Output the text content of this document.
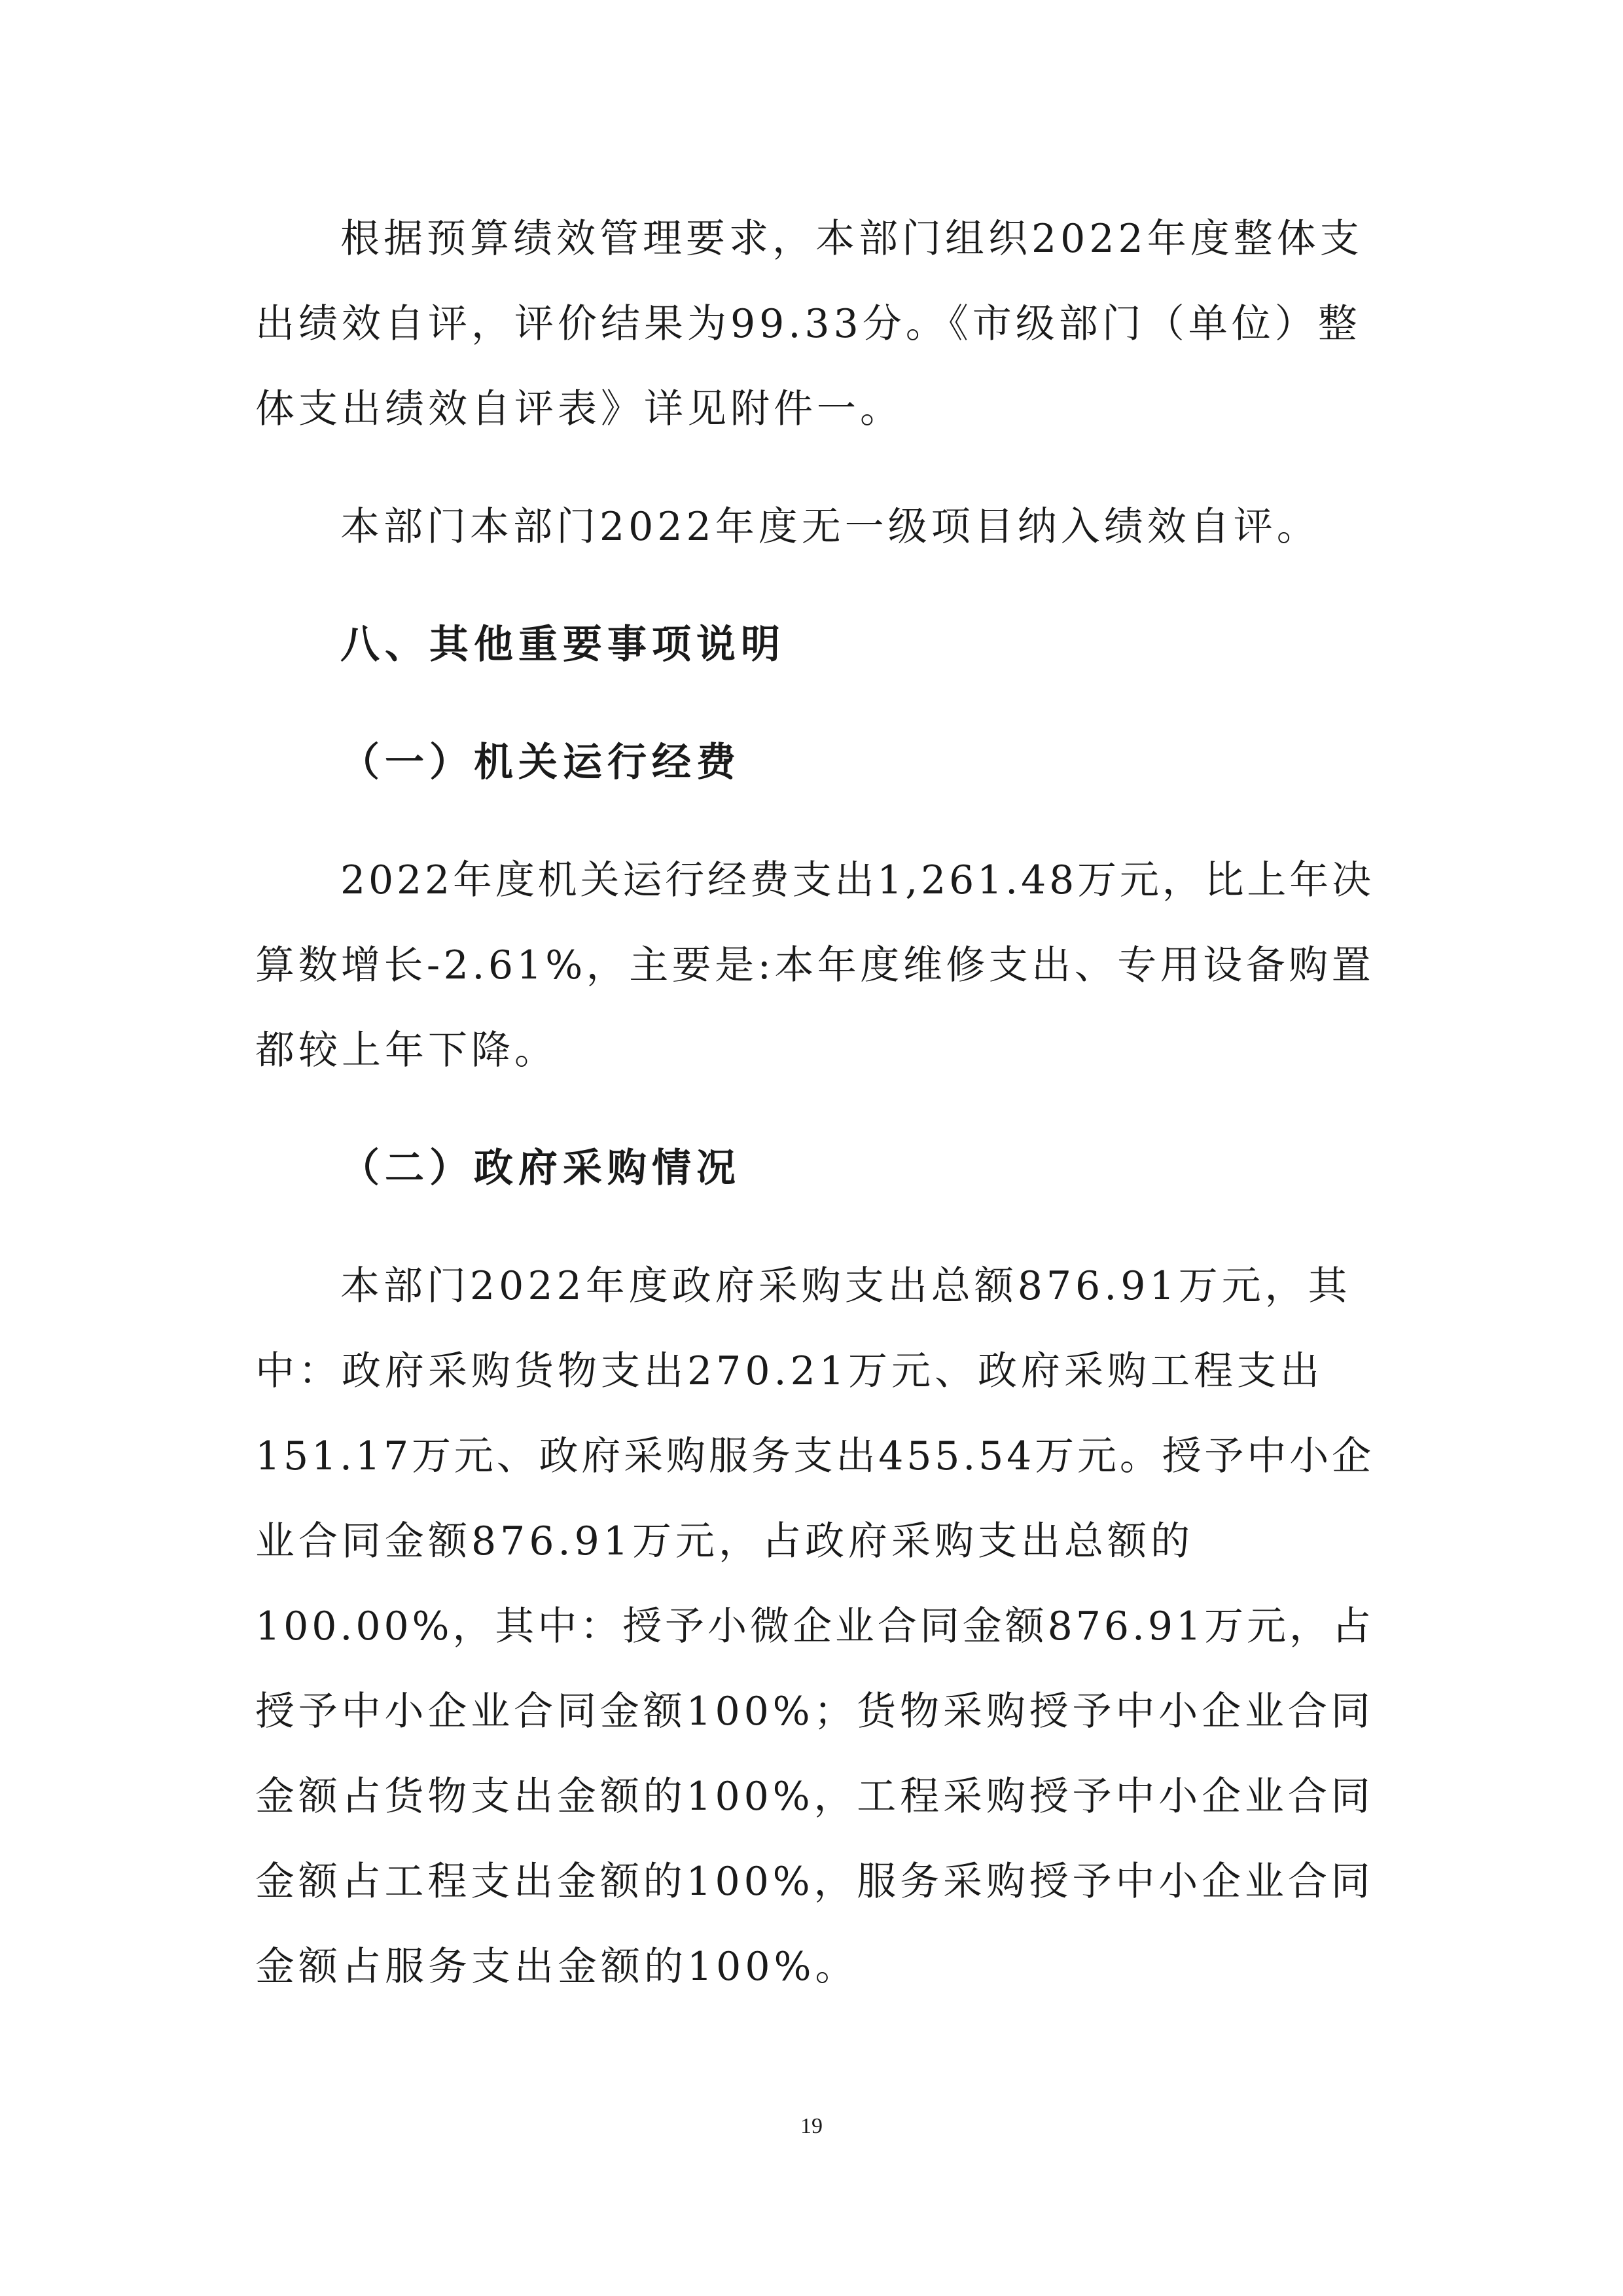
根据预算绩效管理要求，本部门组织2022年度整体支
出绩效自评，评价结果为99.33分。《市级部门（单位）整
体支出绩效自评表》详见附件一。
本部门本部门2022年度无一级项目纳入绩效自评。
八、其他重要事项说明
（一）机关运行经费
2022年度机关运行经费支出1,261.48万元，比上年决
算数增长-2.61%，主要是:本年度维修支出、专用设备购置
都较上年下降。
（二）政府采购情况
本部门2022年度政府采购支出总额876.91万元，其
中：政府采购货物支出270.21万元、政府采购工程支出
151.17万元、政府采购服务支出455.54万元。授予中小企
业合同金额876.91万元，占政府采购支出总额的
100.00%，其中：授予小微企业合同金额876.91万元，占
授予中小企业合同金额100%；货物采购授予中小企业合同
金额占货物支出金额的100%，工程采购授予中小企业合同
金额占工程支出金额的100%，服务采购授予中小企业合同
金额占服务支出金额的100%。
19
